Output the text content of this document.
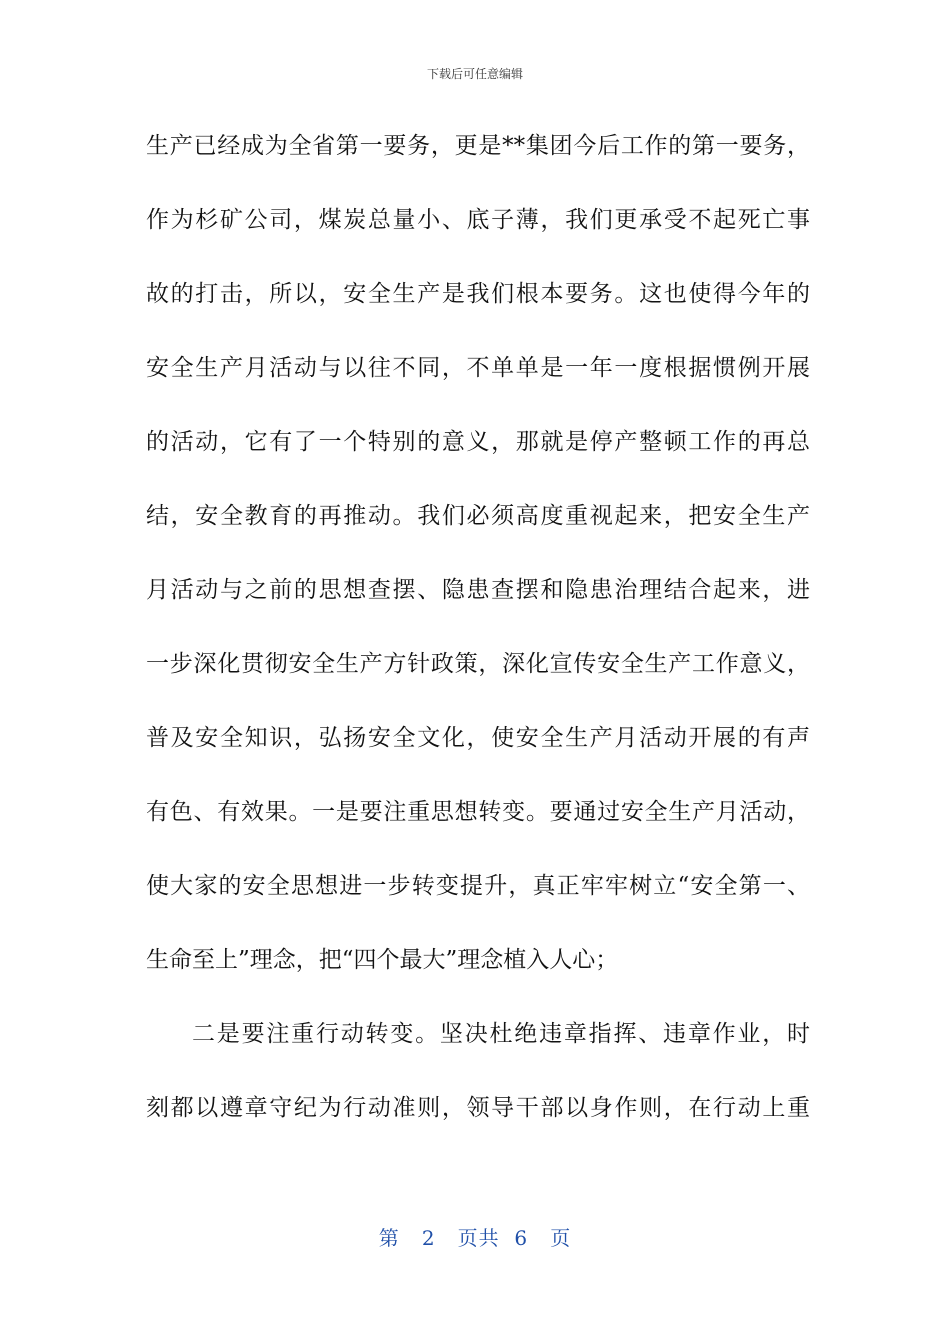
下载后可任意编辑
生产已经成为全省第一要务，更是**集团今后工作的第一要务，
作为杉矿公司，煤炭总量小、底子薄，我们更承受不起死亡事
故的打击，所以，安全生产是我们根本要务。这也使得今年的
安全生产月活动与以往不同，不单单是一年一度根据惯例开展
的活动，它有了一个特别的意义，那就是停产整顿工作的再总
结，安全教育的再推动。我们必须高度重视起来，把安全生产
月活动与之前的思想查摆、隐患查摆和隐患治理结合起来，进
一步深化贯彻安全生产方针政策，深化宣传安全生产工作意义，
普及安全知识，弘扬安全文化，使安全生产月活动开展的有声
有色、有效果。一是要注重思想转变。要通过安全生产月活动，
使大家的安全思想进一步转变提升，真正牢牢树立“安全第一、
生命至上”理念，把“四个最大”理念植入人心；
二是要注重行动转变。坚决杜绝违章指挥、违章作业，时
刻都以遵章守纪为行动准则，领导干部以身作则，在行动上重
第 2 页共 6 页
